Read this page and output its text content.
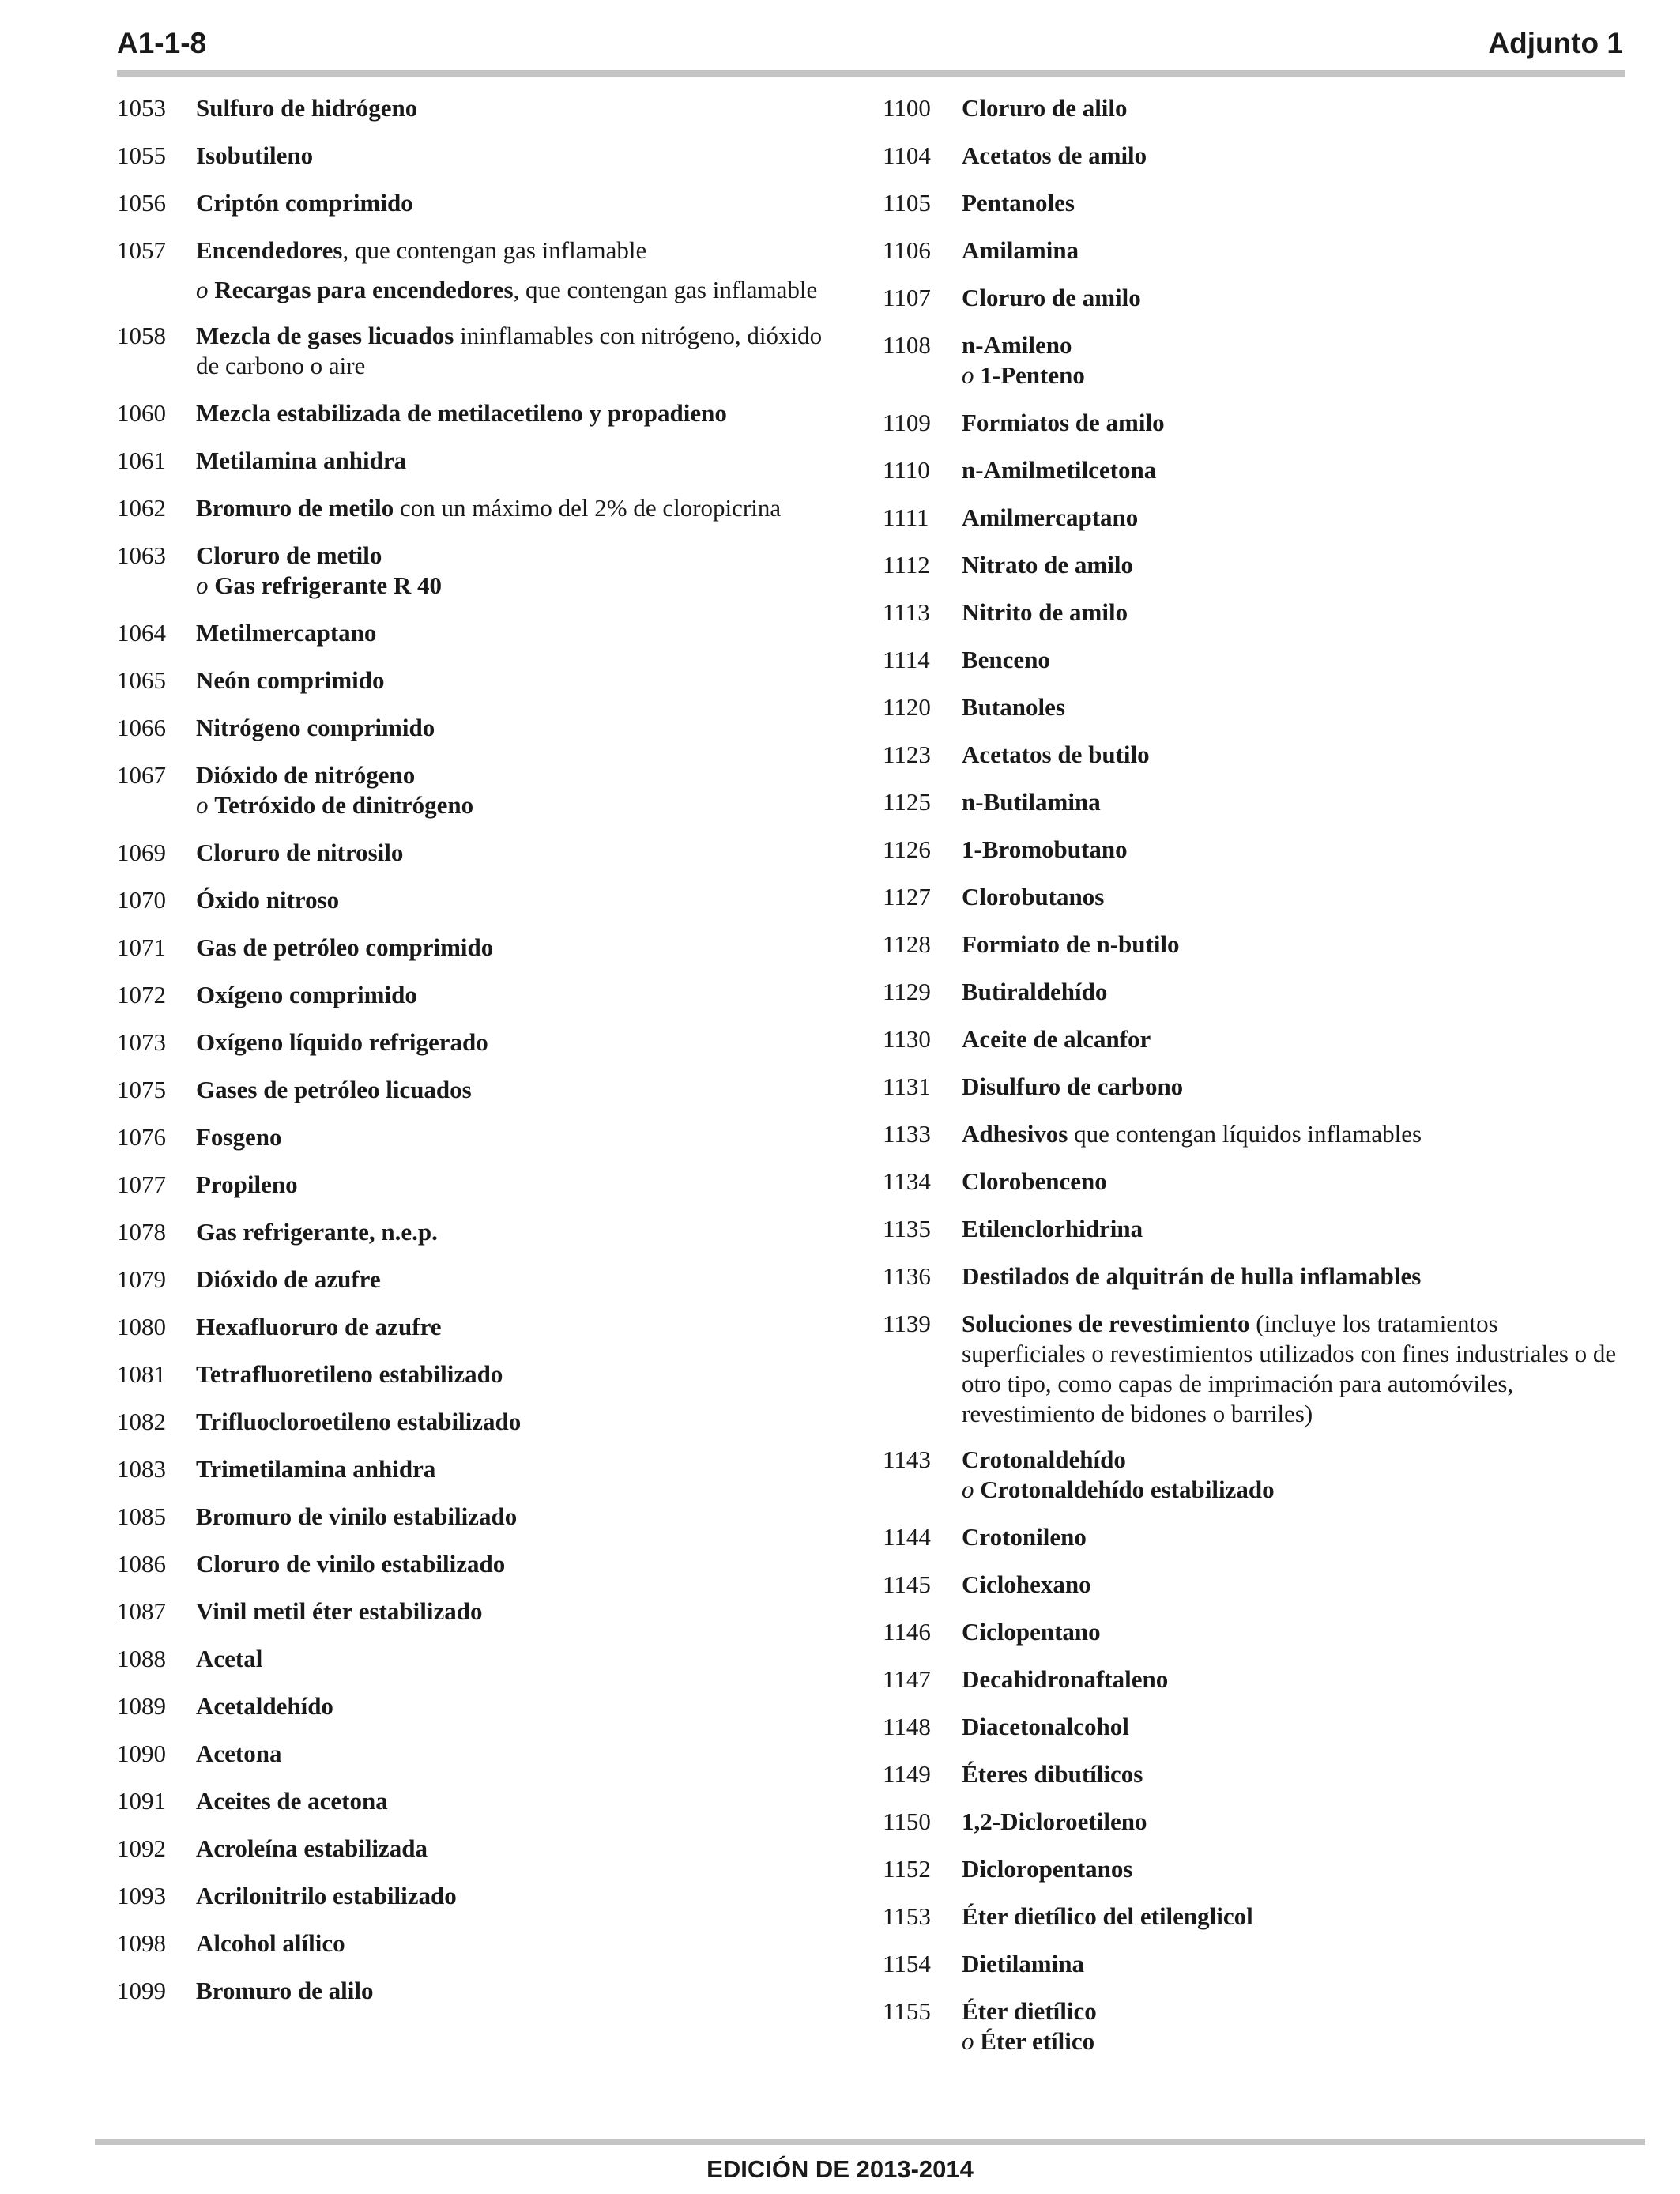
A1-1-8	Adjunto 1
1053	Sulfuro de hidrógeno
1055	Isobutileno
1056	Criptón comprimido
1057	Encendedores, que contengan gas inflamable
o Recargas para encendedores, que contengan gas inflamable
1058	Mezcla de gases licuados ininflamables con nitrógeno, dióxido de carbono o aire
1060	Mezcla estabilizada de metilacetileno y propadieno
1061	Metilamina anhidra
1062	Bromuro de metilo con un máximo del 2% de cloropicrina
1063	Cloruro de metilo
o Gas refrigerante R 40
1064	Metilmercaptano
1065	Neón comprimido
1066	Nitrógeno comprimido
1067	Dióxido de nitrógeno
o Tetróxido de dinitrógeno
1069	Cloruro de nitrosilo
1070	Óxido nitroso
1071	Gas de petróleo comprimido
1072	Oxígeno comprimido
1073	Oxígeno líquido refrigerado
1075	Gases de petróleo licuados
1076	Fosgeno
1077	Propileno
1078	Gas refrigerante, n.e.p.
1079	Dióxido de azufre
1080	Hexafluoruro de azufre
1081	Tetrafluoretileno estabilizado
1082	Trifluocloroetileno estabilizado
1083	Trimetilamina anhidra
1085	Bromuro de vinilo estabilizado
1086	Cloruro de vinilo estabilizado
1087	Vinil metil éter estabilizado
1088	Acetal
1089	Acetaldehído
1090	Acetona
1091	Aceites de acetona
1092	Acroleína estabilizada
1093	Acrilonitrilo estabilizado
1098	Alcohol alílico
1099	Bromuro de alilo
1100	Cloruro de alilo
1104	Acetatos de amilo
1105	Pentanoles
1106	Amilamina
1107	Cloruro de amilo
1108	n-Amileno
o 1-Penteno
1109	Formiatos de amilo
1110	n-Amilmetilcetona
1111	Amilmercaptano
1112	Nitrato de amilo
1113	Nitrito de amilo
1114	Benceno
1120	Butanoles
1123	Acetatos de butilo
1125	n-Butilamina
1126	1-Bromobutano
1127	Clorobutanos
1128	Formiato de n-butilo
1129	Butiraldehído
1130	Aceite de alcanfor
1131	Disulfuro de carbono
1133	Adhesivos que contengan líquidos inflamables
1134	Clorobenceno
1135	Etilenclorhidrina
1136	Destilados de alquitrán de hulla inflamables
1139	Soluciones de revestimiento (incluye los tratamientos superficiales o revestimientos utilizados con fines industriales o de otro tipo, como capas de imprimación para automóviles, revestimiento de bidones o barriles)
1143	Crotonaldehído
o Crotonaldehído estabilizado
1144	Crotonileno
1145	Ciclohexano
1146	Ciclopentano
1147	Decahidronaftaleno
1148	Diacetonalcohol
1149	Éteres dibutílicos
1150	1,2-Dicloroetileno
1152	Dicloropentanos
1153	Éter dietílico del etilenglicol
1154	Dietilamina
1155	Éter dietílico
o Éter etílico
EDICIÓN DE 2013-2014
